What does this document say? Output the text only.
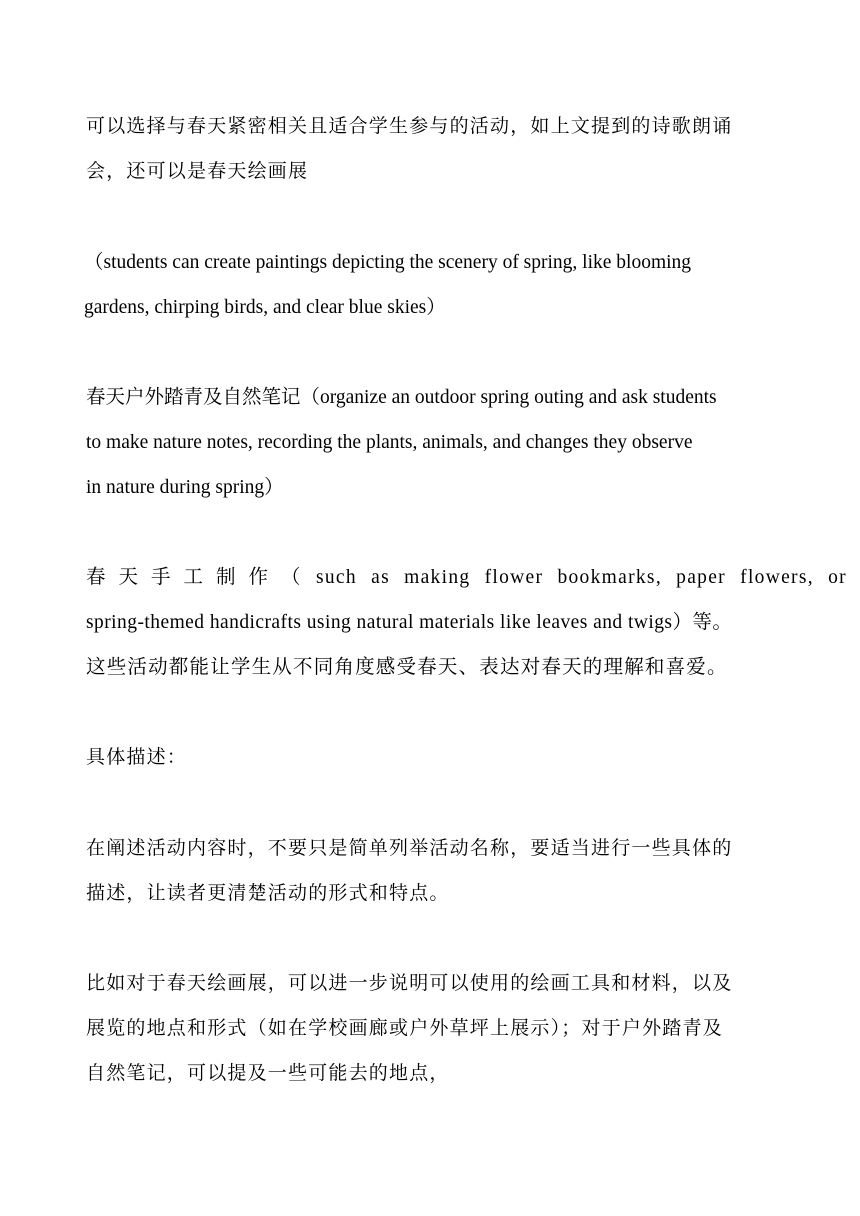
可以选择与春天紧密相关且适合学生参与的活动，如上文提到的诗歌朗诵
会，还可以是春天绘画展

（students can create paintings depicting the scenery of spring, like blooming
gardens, chirping birds, and clear blue skies）

春天户外踏青及自然笔记（organize an outdoor spring outing and ask students
to make nature notes, recording the plants, animals, and changes they observe
in nature during spring）

春天手工制作（ such as making flower bookmarks, paper flowers, or
spring-themed handicrafts using natural materials like leaves and twigs）等。
这些活动都能让学生从不同角度感受春天、表达对春天的理解和喜爱。

具体描述：

在阐述活动内容时，不要只是简单列举活动名称，要适当进行一些具体的
描述，让读者更清楚活动的形式和特点。

比如对于春天绘画展，可以进一步说明可以使用的绘画工具和材料，以及
展览的地点和形式（如在学校画廊或户外草坪上展示）；对于户外踏青及
自然笔记，可以提及一些可能去的地点，
